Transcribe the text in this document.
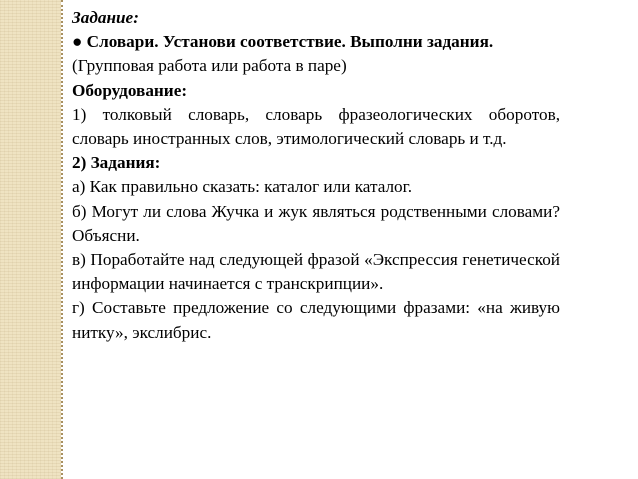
Задание:

● Словари. Установи соответствие. Выполни задания.

(Групповая работа или работа в паре)

Оборудование:

1) толковый словарь, словарь фразеологических оборотов, словарь иностранных слов, этимологический словарь и т.д.

2) Задания:

а) Как правильно сказать: каталог или каталог.

б) Могут ли слова Жучка и жук являться родственными словами? Объясни.

в) Поработайте над следующей фразой «Экспрессия генетической информации начинается с транскрипции».

г) Составьте предложение со следующими фразами: «на живую нитку», экслибрис.
